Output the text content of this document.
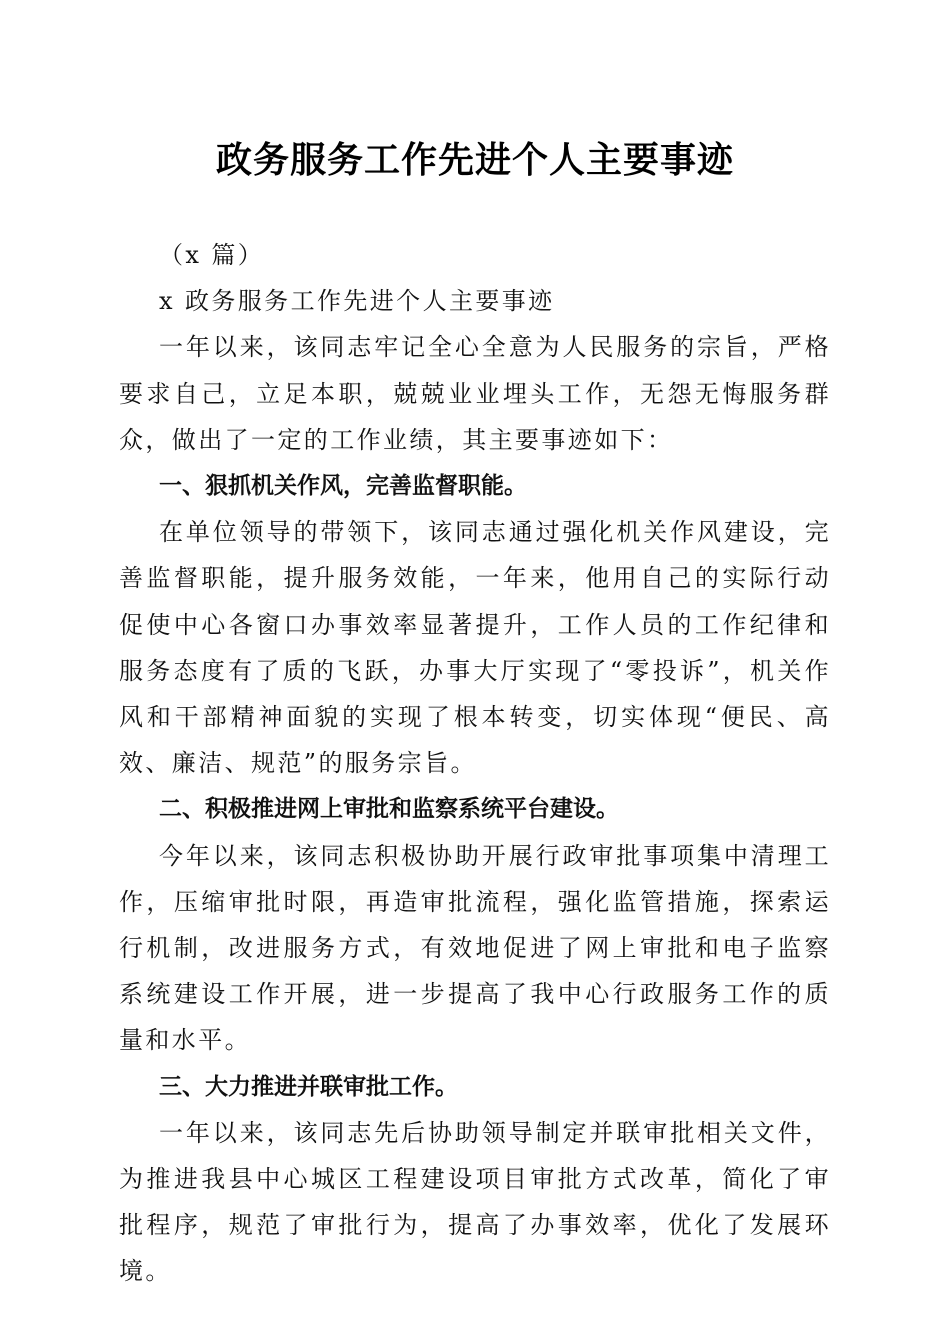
政务服务工作先进个人主要事迹

（x 篇）

x 政务服务工作先进个人主要事迹

一年以来，该同志牢记全心全意为人民服务的宗旨，严格要求自己，立足本职，兢兢业业埋头工作，无怨无悔服务群众，做出了一定的工作业绩，其主要事迹如下：

一、狠抓机关作风，完善监督职能。

在单位领导的带领下，该同志通过强化机关作风建设，完善监督职能，提升服务效能，一年来，他用自己的实际行动促使中心各窗口办事效率显著提升，工作人员的工作纪律和服务态度有了质的飞跃，办事大厅实现了“零投诉”，机关作风和干部精神面貌的实现了根本转变，切实体现“便民、高效、廉洁、规范”的服务宗旨。

二、积极推进网上审批和监察系统平台建设。

今年以来，该同志积极协助开展行政审批事项集中清理工作，压缩审批时限，再造审批流程，强化监管措施，探索运行机制，改进服务方式，有效地促进了网上审批和电子监察系统建设工作开展，进一步提高了我中心行政服务工作的质量和水平。

三、大力推进并联审批工作。

一年以来，该同志先后协助领导制定并联审批相关文件，为推进我县中心城区工程建设项目审批方式改革，简化了审批程序，规范了审批行为，提高了办事效率，优化了发展环境。
